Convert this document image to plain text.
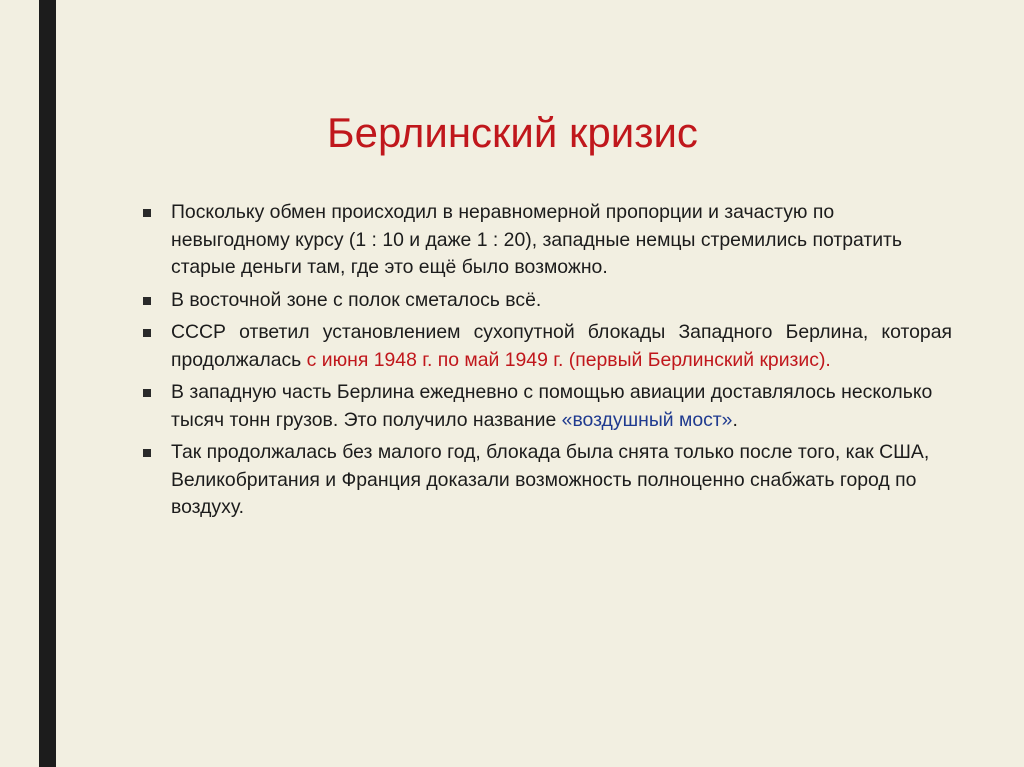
Берлинский кризис
Поскольку обмен происходил в неравномерной пропорции и зачастую по невыгодному курсу (1 : 10 и даже 1 : 20), западные немцы стремились потратить старые деньги там, где это ещё было возможно.
В восточной зоне с полок сметалось всё.
СССР ответил установлением сухопутной блокады Западного Берлина, которая продолжалась с июня 1948 г. по май 1949 г. (первый Берлинский кризис).
В западную часть Берлина ежедневно с помощью авиации доставлялось несколько тысяч тонн грузов. Это получило название «воздушный мост».
Так продолжалась без малого год, блокада была снята только после того, как США, Великобритания и Франция доказали возможность полноценно снабжать город по воздуху.
